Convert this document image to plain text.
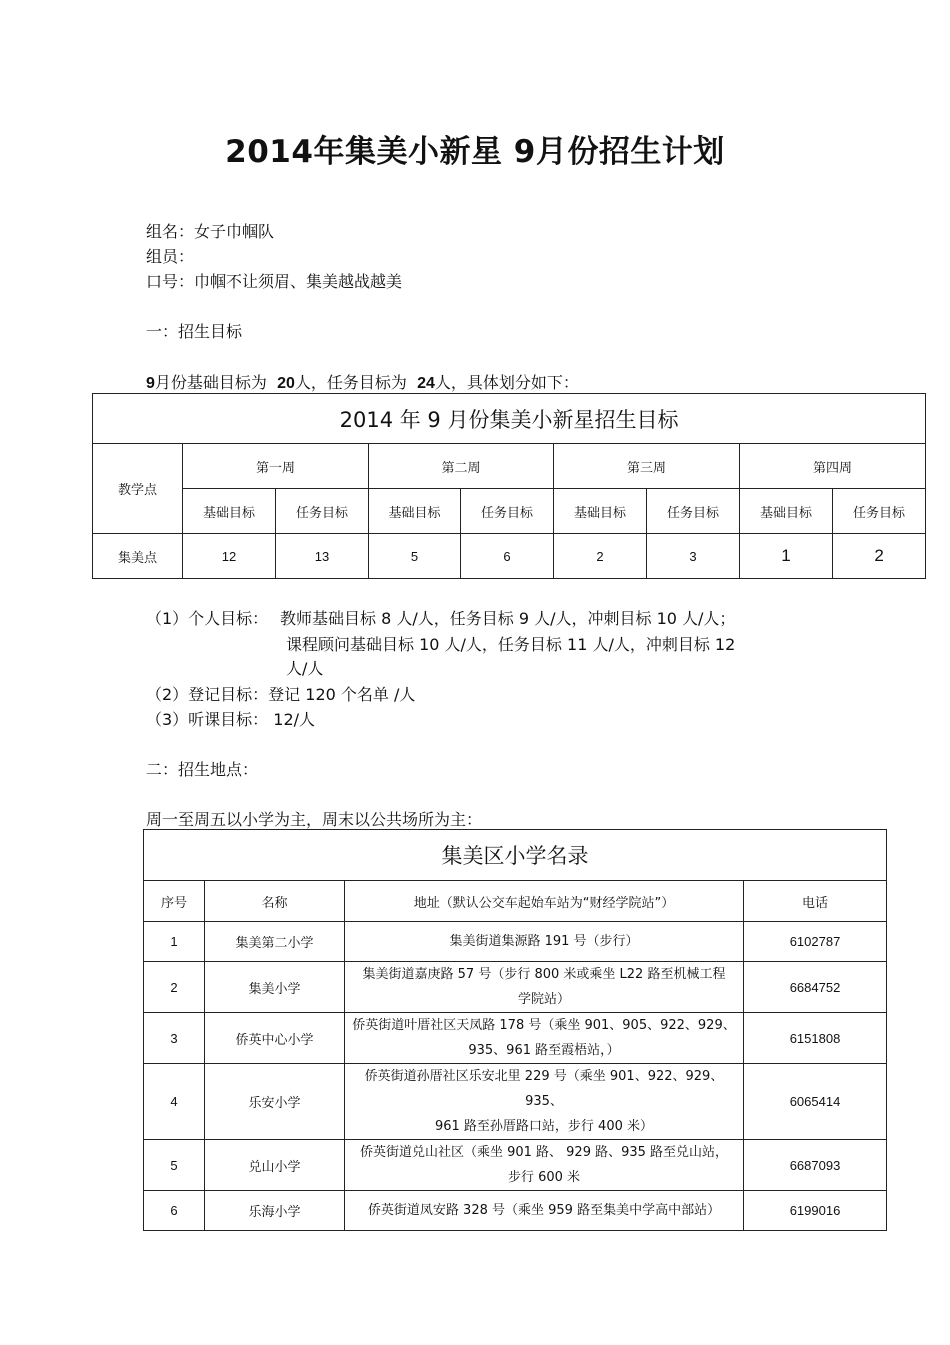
2014年集美小新星 9月份招生计划
组名：女子巾帼队
组员：
口号：巾帼不让须眉、集美越战越美
一：招生目标
9月份基础目标为 20人，任务目标为 24人，具体划分如下：
2014 年 9 月份集美小新星招生目标								
教学点	第一周		第二周		第三周		第四周	
	基础目标	任务目标	基础目标	任务目标	基础目标	任务目标	基础目标	任务目标
集美点	12	13	5	6	2	3	1	2
（1）个人目标： 教师基础目标 8 人/人，任务目标 9 人/人，冲刺目标 10 人/人；
课程顾问基础目标 10 人/人，任务目标 11 人/人，冲刺目标 12
人/人
（2）登记目标：登记 120 个名单 /人
（3）听课目标： 12/人
二：招生地点：
周一至周五以小学为主，周末以公共场所为主：
集美区小学名录			
序号	名称	地址（默认公交车起始车站为“财经学院站”）	电话
1	集美第二小学	集美街道集源路 191 号（步行）	6102787
2	集美小学	集美街道嘉庚路 57 号（步行 800 米或乘坐 L22 路至机械工程
学院站）	6684752
3	侨英中心小学	侨英街道叶厝社区天凤路 178 号（乘坐 901、905、922、929、
935、961 路至霞梧站，）	6151808
4	乐安小学	侨英街道孙厝社区乐安北里 229 号（乘坐 901、922、929、935、
961 路至孙厝路口站，步行 400 米）	6065414
5	兑山小学	侨英街道兑山社区（乘坐 901 路、 929 路、935 路至兑山站，
步行 600 米	6687093
6	乐海小学	侨英街道凤安路 328 号（乘坐 959 路至集美中学高中部站）	6199016
